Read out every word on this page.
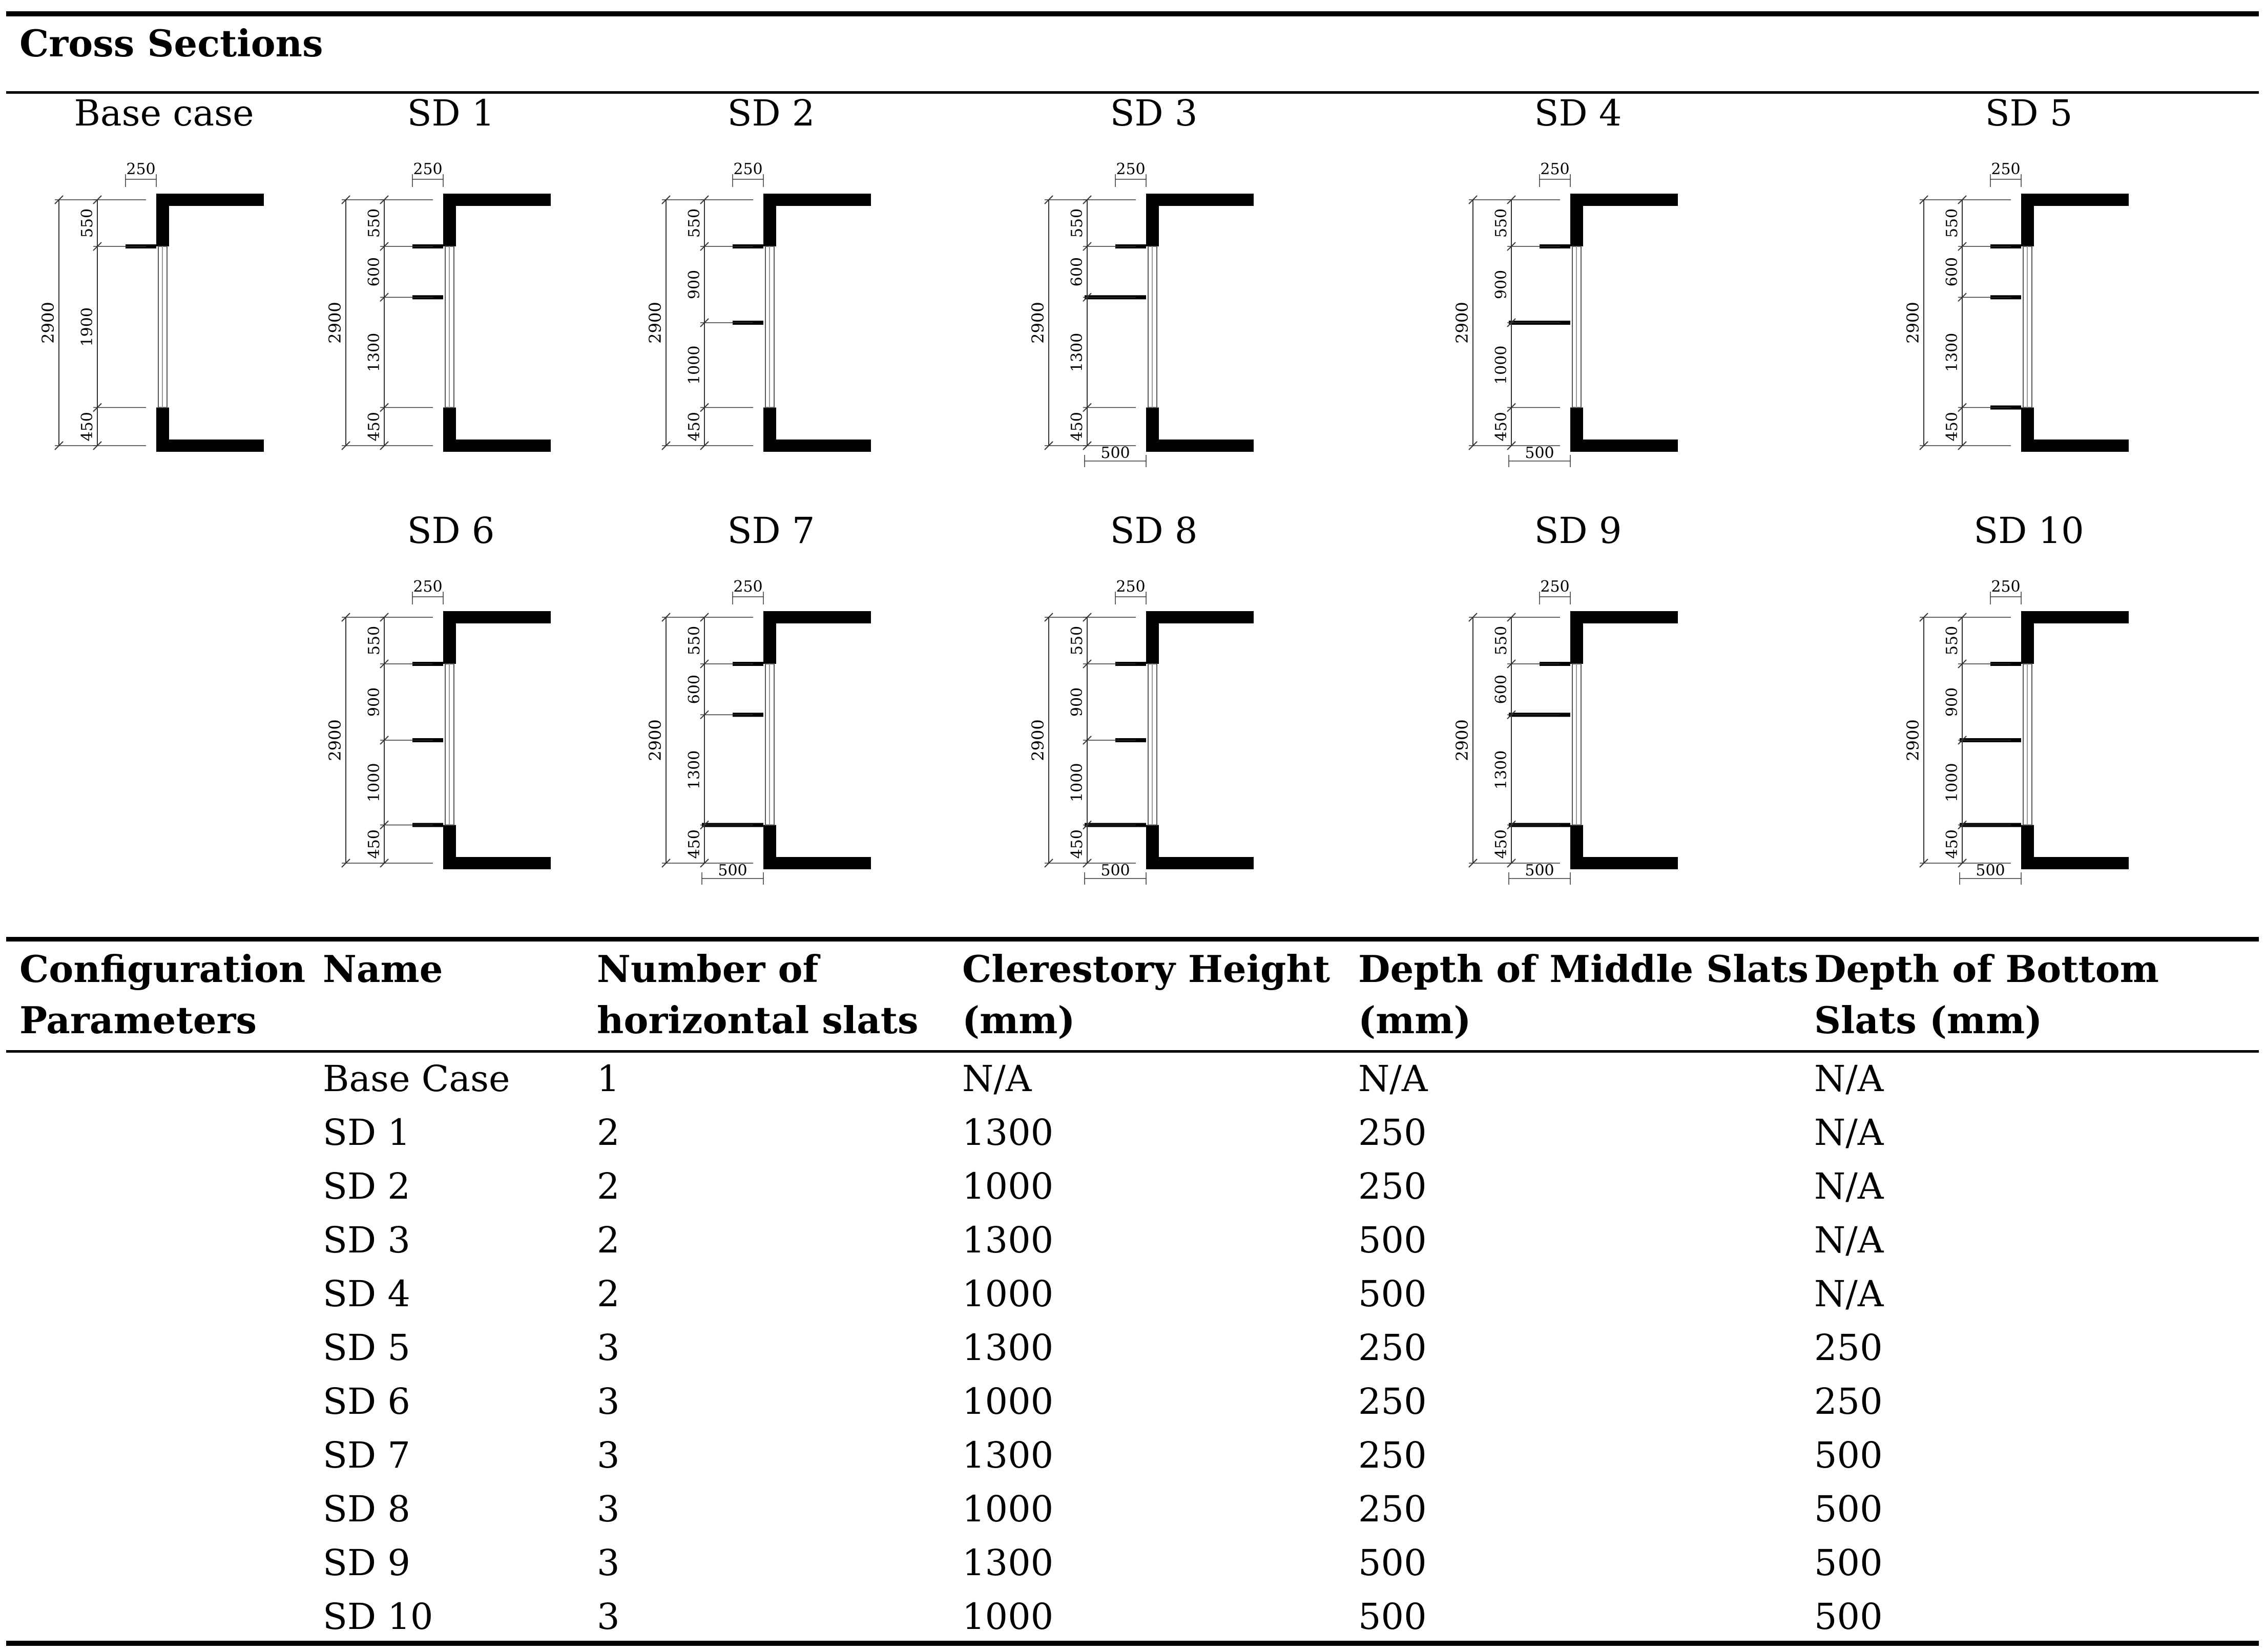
Cross Sections
Base case
550
1900
450
2900
250
SD 1
550
600
1300
450
2900
250
SD 2
550
900
1000
450
2900
250
SD 3
550
600
1300
450
2900
250
500
SD 4
550
900
1000
450
2900
250
500
SD 5
550
600
1300
450
2900
250
SD 6
550
900
1000
450
2900
250
SD 7
550
600
1300
450
2900
250
500
SD 8
550
900
1000
450
2900
250
500
SD 9
550
600
1300
450
2900
250
500
SD 10
550
900
1000
450
2900
250
500
Configuration Parameters	Name	Number of horizontal slats	Clerestory Height (mm)	Depth of Middle Slats (mm)	Depth of Bottom Slats (mm)
	Base Case	1	N/A	N/A	N/A
	SD 1	2	1300	250	N/A
	SD 2	2	1000	250	N/A
	SD 3	2	1300	500	N/A
	SD 4	2	1000	500	N/A
	SD 5	3	1300	250	250
	SD 6	3	1000	250	250
	SD 7	3	1300	250	500
	SD 8	3	1000	250	500
	SD 9	3	1300	500	500
	SD 10	3	1000	500	500
